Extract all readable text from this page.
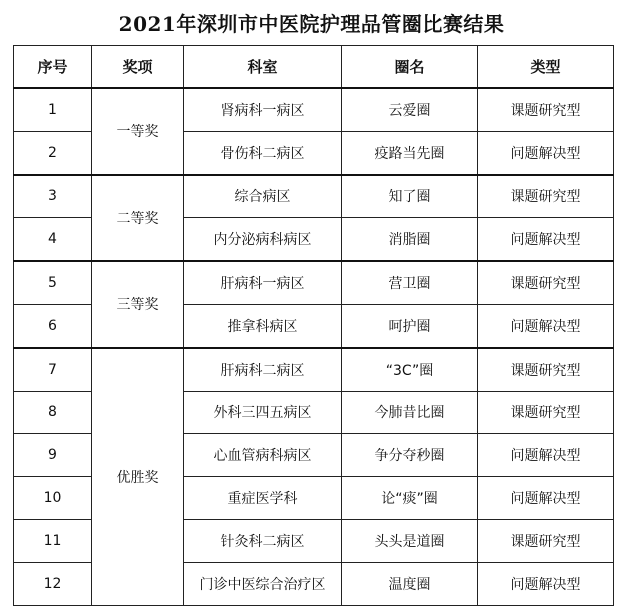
2021年深圳市中医院护理品管圈比赛结果
序号	奖项	科室	圈名	类型
1	一等奖	肾病科一病区	云爱圈	课题研究型
2		骨伤科二病区	疫路当先圈	问题解决型
3	二等奖	综合病区	知了圈	课题研究型
4		内分泌病科病区	消脂圈	问题解决型
5	三等奖	肝病科一病区	营卫圈	课题研究型
6		推拿科病区	呵护圈	问题解决型
7	优胜奖	肝病科二病区	“3C”圈	课题研究型
8		外科三四五病区	今肺昔比圈	课题研究型
9		心血管病科病区	争分夺秒圈	问题解决型
10		重症医学科	论“痰”圈	问题解决型
11		针灸科二病区	头头是道圈	课题研究型
12		门诊中医综合治疗区	温度圈	问题解决型
